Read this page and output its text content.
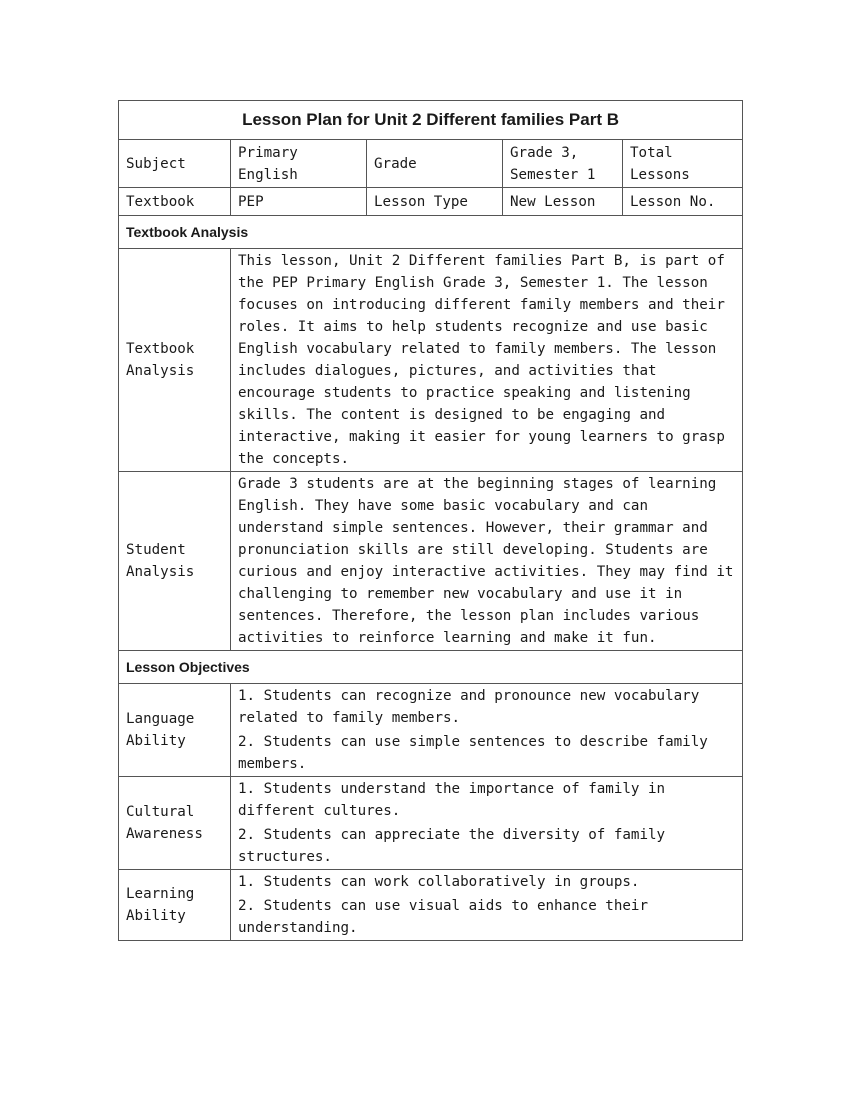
Lesson Plan for Unit 2 Different families Part B				
Subject	Primary English	Grade	Grade 3, Semester 1	Total Lessons
Textbook	PEP	Lesson Type	New Lesson	Lesson No.
Textbook Analysis				
Textbook Analysis	This lesson, Unit 2 Different families Part B, is part of the PEP Primary English Grade 3, Semester 1. The lesson focuses on introducing different family members and their roles. It aims to help students recognize and use basic English vocabulary related to family members. The lesson includes dialogues, pictures, and activities that encourage students to practice speaking and listening skills. The content is designed to be engaging and interactive, making it easier for young learners to grasp the concepts.			
Student Analysis	Grade 3 students are at the beginning stages of learning English. They have some basic vocabulary and can understand simple sentences. However, their grammar and pronunciation skills are still developing. Students are curious and enjoy interactive activities. They may find it challenging to remember new vocabulary and use it in sentences. Therefore, the lesson plan includes various activities to reinforce learning and make it fun.			
Lesson Objectives				
Language Ability	1. Students can recognize and pronounce new vocabulary related to family members.
2. Students can use simple sentences to describe family members.			

Cultural Awareness	1. Students understand the importance of family in different cultures.
2. Students can appreciate the diversity of family structures.			

Learning Ability	1. Students can work collaboratively in groups.
2. Students can use visual aids to enhance their understanding.			
